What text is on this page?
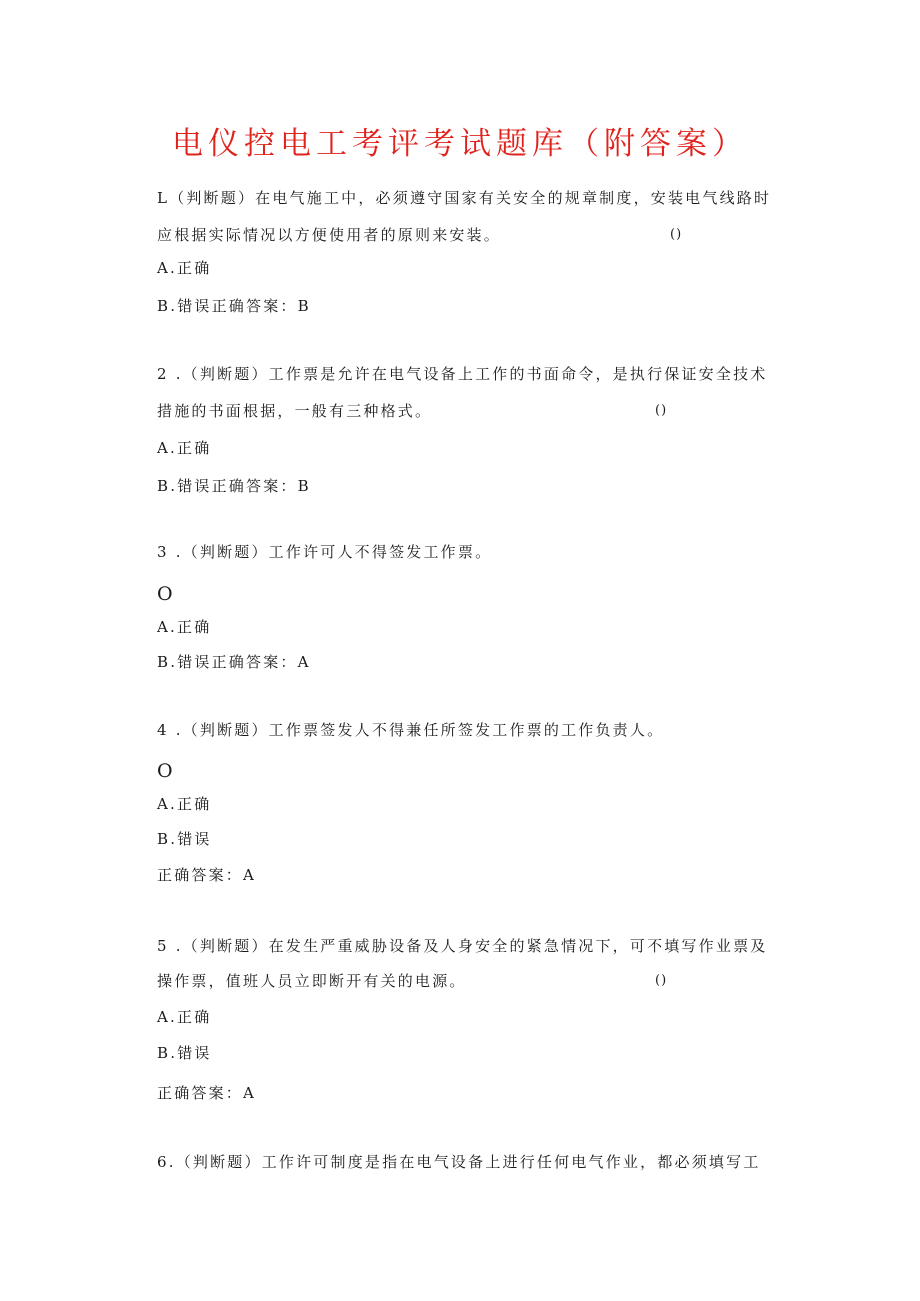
电仪控电工考评考试题库（附答案）
L（判断题）在电气施工中，必须遵守国家有关安全的规章制度，安装电气线路时
应根据实际情况以方便使用者的原则来安装。	()
A.正确
B.错误正确答案：B
2 .（判断题）工作票是允许在电气设备上工作的书面命令，是执行保证安全技术
措施的书面根据，一般有三种格式。	()
A.正确
B.错误正确答案：B
3 .（判断题）工作许可人不得签发工作票。
O
A.正确
B.错误正确答案：A
4 .（判断题）工作票签发人不得兼任所签发工作票的工作负责人。
O
A.正确
B.错误
正确答案：A
5 .（判断题）在发生严重威胁设备及人身安全的紧急情况下，可不填写作业票及
操作票，值班人员立即断开有关的电源。	()
A.正确
B.错误
正确答案：A
6.（判断题）工作许可制度是指在电气设备上进行任何电气作业，都必须填写工
